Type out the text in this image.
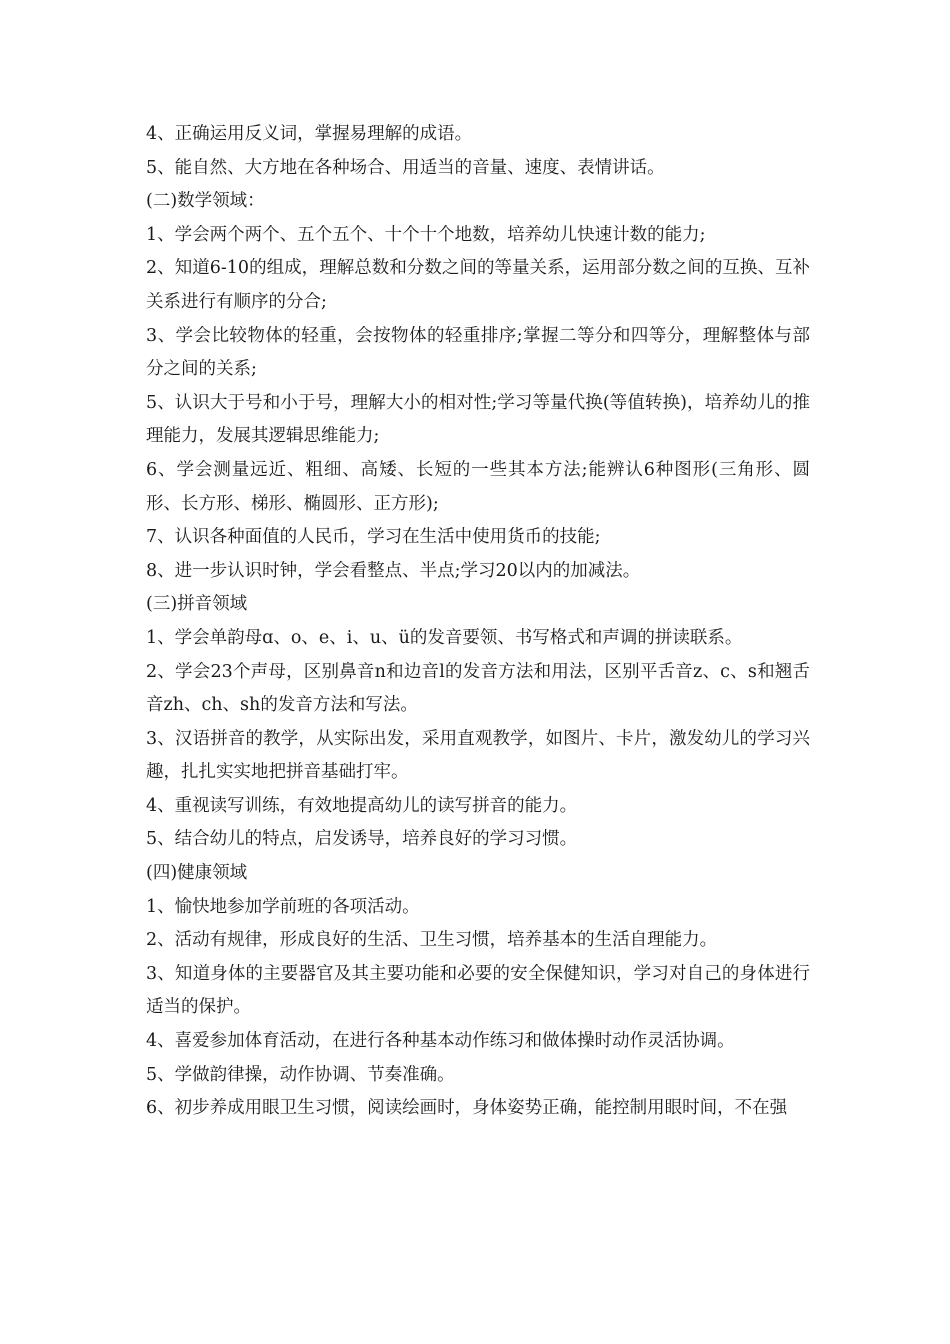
4、正确运用反义词，掌握易理解的成语。

5、能自然、大方地在各种场合、用适当的音量、速度、表情讲话。

(二)数学领域：

1、学会两个两个、五个五个、十个十个地数，培养幼儿快速计数的能力;

2、知道6-10的组成，理解总数和分数之间的等量关系，运用部分数之间的互换、互补关系进行有顺序的分合;

3、学会比较物体的轻重，会按物体的轻重排序;掌握二等分和四等分，理解整体与部分之间的关系;

5、认识大于号和小于号，理解大小的相对性;学习等量代换(等值转换)，培养幼儿的推理能力，发展其逻辑思维能力;

6、学会测量远近、粗细、高矮、长短的一些其本方法;能辨认6种图形(三角形、圆形、长方形、梯形、椭圆形、正方形);

7、认识各种面值的人民币，学习在生活中使用货币的技能;

8、进一步认识时钟，学会看整点、半点;学习20以内的加减法。

(三)拼音领域

1、学会单韵母ɑ、o、e、i、u、ü的发音要领、书写格式和声调的拼读联系。

2、学会23个声母，区别鼻音n和边音l的发音方法和用法，区别平舌音z、c、s和翘舌音zh、ch、sh的发音方法和写法。

3、汉语拼音的教学，从实际出发，采用直观教学，如图片、卡片，激发幼儿的学习兴趣，扎扎实实地把拼音基础打牢。

4、重视读写训练，有效地提高幼儿的读写拼音的能力。

5、结合幼儿的特点，启发诱导，培养良好的学习习惯。

(四)健康领域

1、愉快地参加学前班的各项活动。

2、活动有规律，形成良好的生活、卫生习惯，培养基本的生活自理能力。

3、知道身体的主要器官及其主要功能和必要的安全保健知识，学习对自己的身体进行适当的保护。

4、喜爱参加体育活动，在进行各种基本动作练习和做体操时动作灵活协调。

5、学做韵律操，动作协调、节奏准确。

6、初步养成用眼卫生习惯，阅读绘画时，身体姿势正确，能控制用眼时间，不在强
